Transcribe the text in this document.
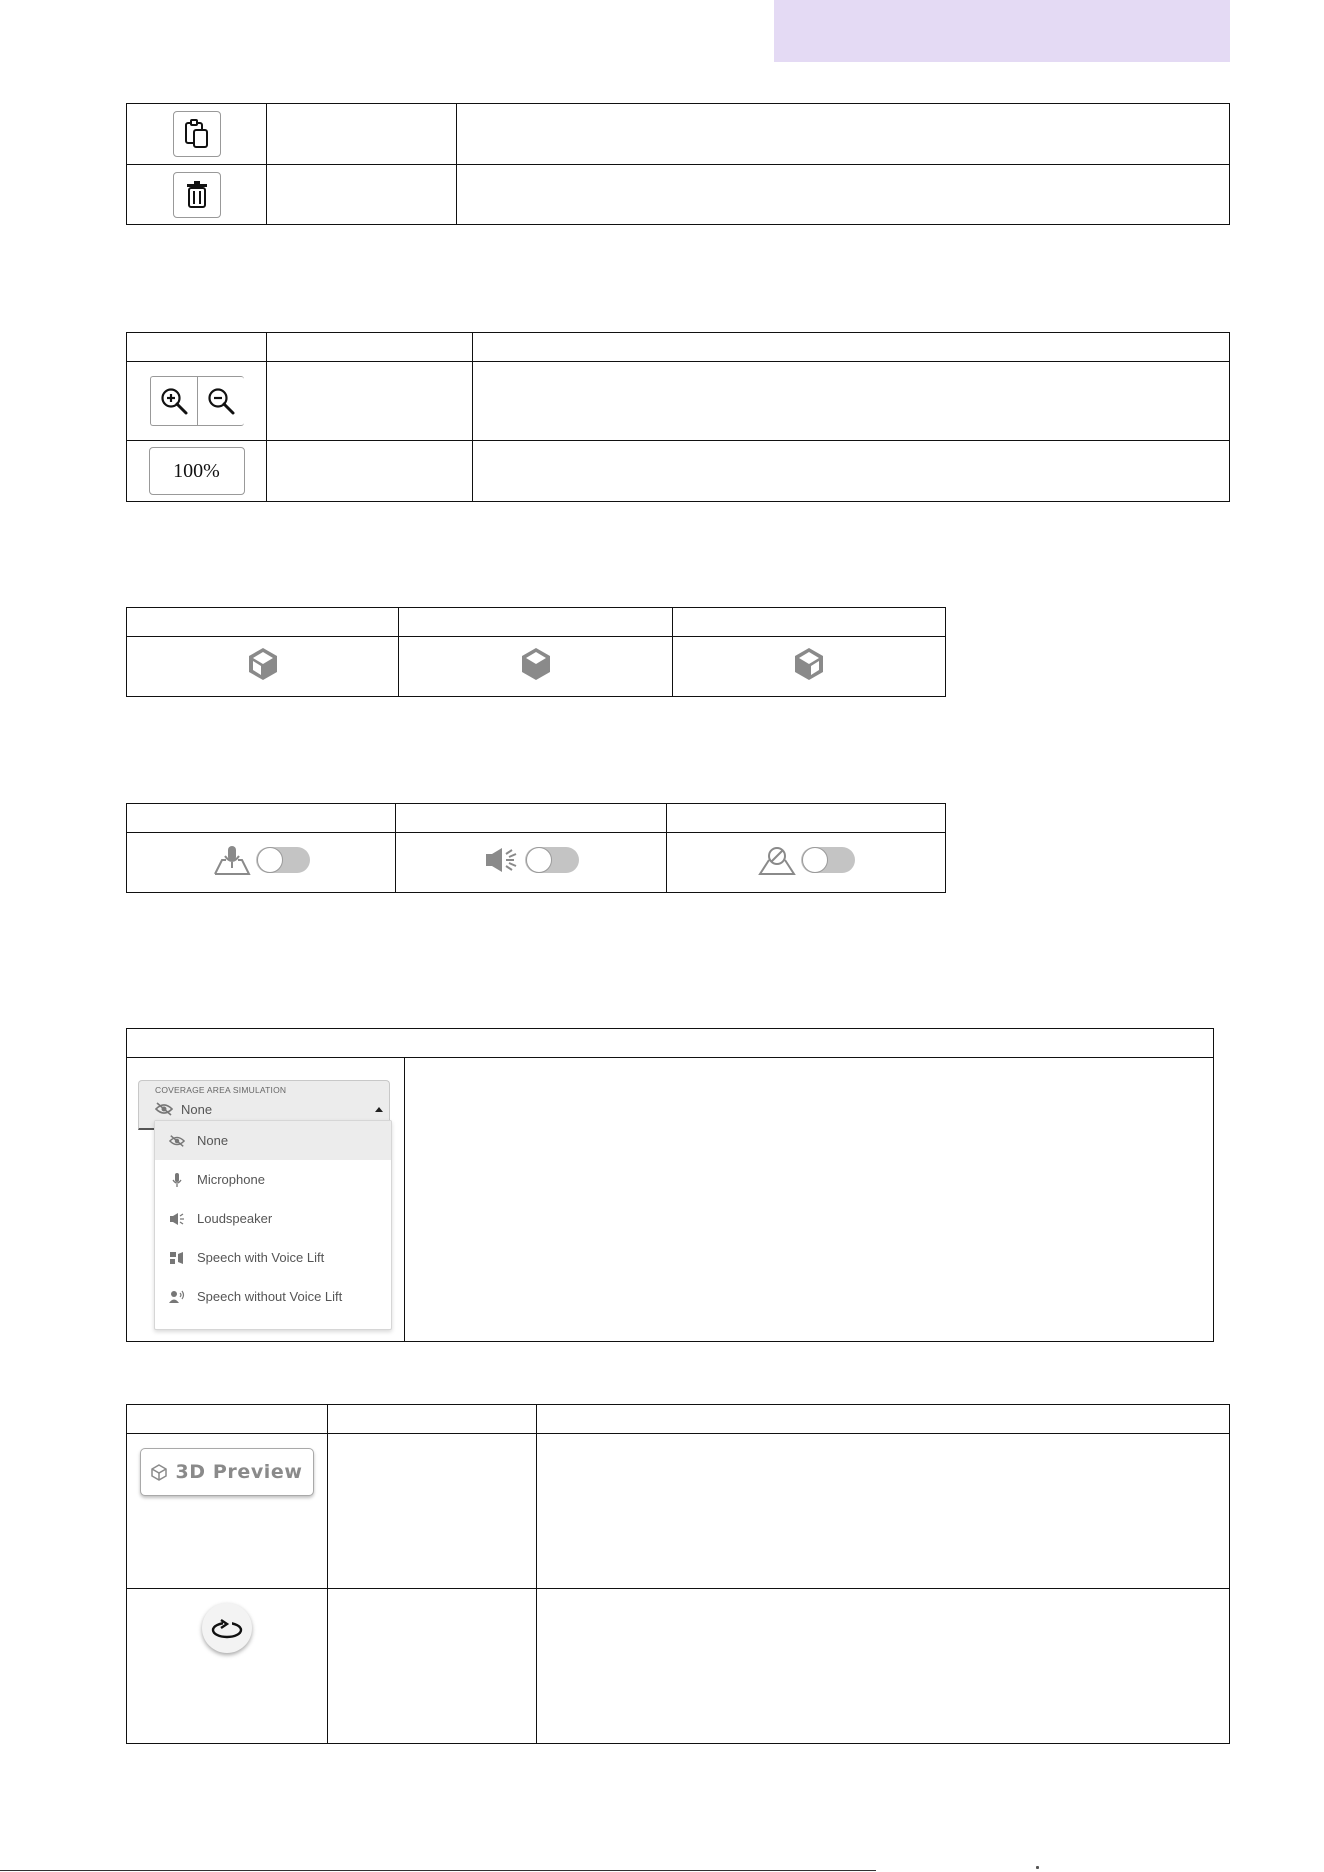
100%		

COVERAGE AREA SIMULATION
None
None
Microphone
Loudspeaker
Speech with Voice Lift
Speech without Voice Lift

3D Preview		
